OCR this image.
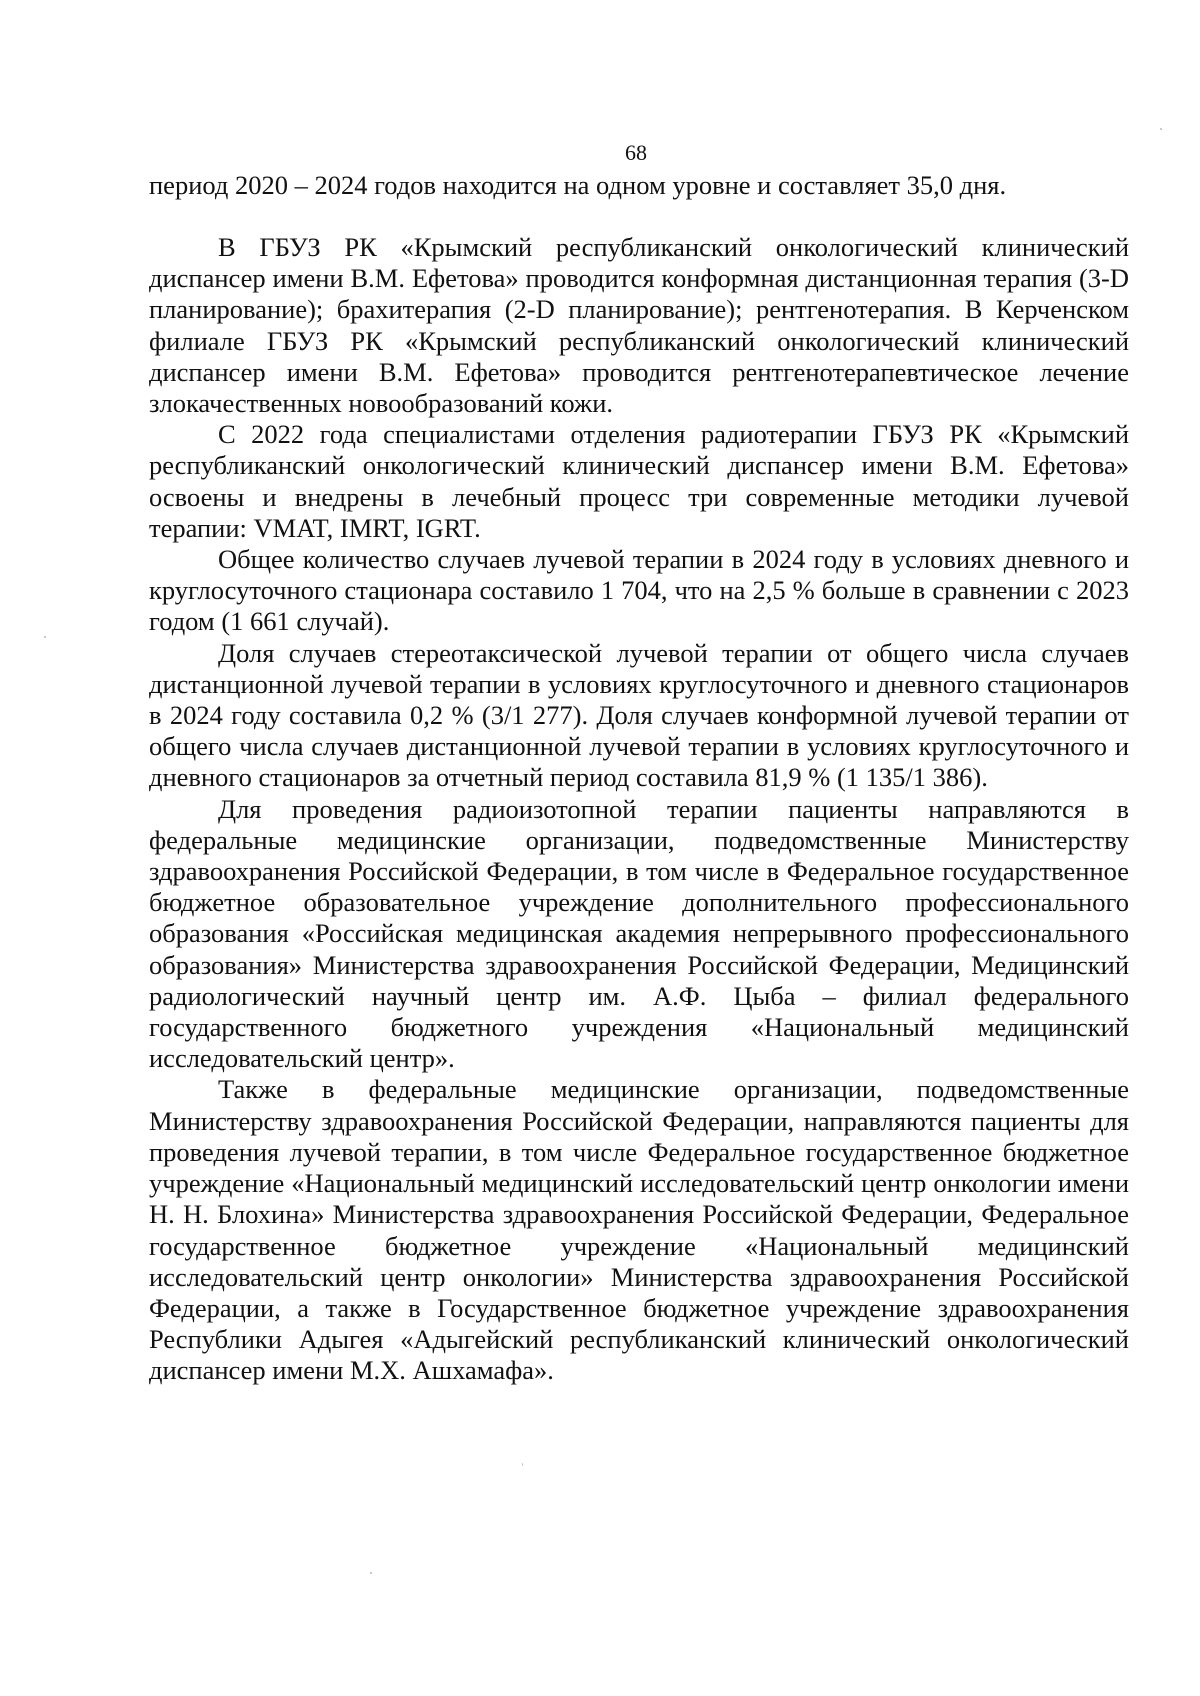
68

период 2020 – 2024 годов находится на одном уровне и составляет 35,0 дня.

В ГБУЗ РК «Крымский республиканский онкологический клинический диспансер имени В.М. Ефетова» проводится конформная дистанционная терапия (3-D планирование); брахитерапия (2-D планирование); рентгенотерапия. В Керченском филиале ГБУЗ РК «Крымский республиканский онкологический клинический диспансер имени В.М. Ефетова» проводится рентгенотерапевтическое лечение злокачественных новообразований кожи.

С 2022 года специалистами отделения радиотерапии ГБУЗ РК «Крымский республиканский онкологический клинический диспансер имени В.М. Ефетова» освоены и внедрены в лечебный процесс три современные методики лучевой терапии: VMAT, IMRT, IGRT.

Общее количество случаев лучевой терапии в 2024 году в условиях дневного и круглосуточного стационара составило 1 704, что на 2,5 % больше в сравнении с 2023 годом (1 661 случай).

Доля случаев стереотаксической лучевой терапии от общего числа случаев дистанционной лучевой терапии в условиях круглосуточного и дневного стационаров в 2024 году составила 0,2 % (3/1 277). Доля случаев конформной лучевой терапии от общего числа случаев дистанционной лучевой терапии в условиях круглосуточного и дневного стационаров за отчетный период составила 81,9 % (1 135/1 386).

Для проведения радиоизотопной терапии пациенты направляются в федеральные медицинские организации, подведомственные Министерству здравоохранения Российской Федерации, в том числе в Федеральное государственное бюджетное образовательное учреждение дополнительного профессионального образования «Российская медицинская академия непрерывного профессионального образования» Министерства здравоохранения Российской Федерации, Медицинский радиологический научный центр им. А.Ф. Цыба – филиал федерального государственного бюджетного учреждения «Национальный медицинский исследовательский центр».

Также в федеральные медицинские организации, подведомственные Министерству здравоохранения Российской Федерации, направляются пациенты для проведения лучевой терапии, в том числе Федеральное государственное бюджетное учреждение «Национальный медицинский исследовательский центр онкологии имени Н. Н. Блохина» Министерства здравоохранения Российской Федерации, Федеральное государственное бюджетное учреждение «Национальный медицинский исследовательский центр онкологии» Министерства здравоохранения Российской Федерации, а также в Государственное бюджетное учреждение здравоохранения Республики Адыгея «Адыгейский республиканский клинический онкологический диспансер имени М.Х. Ашхамафа».
